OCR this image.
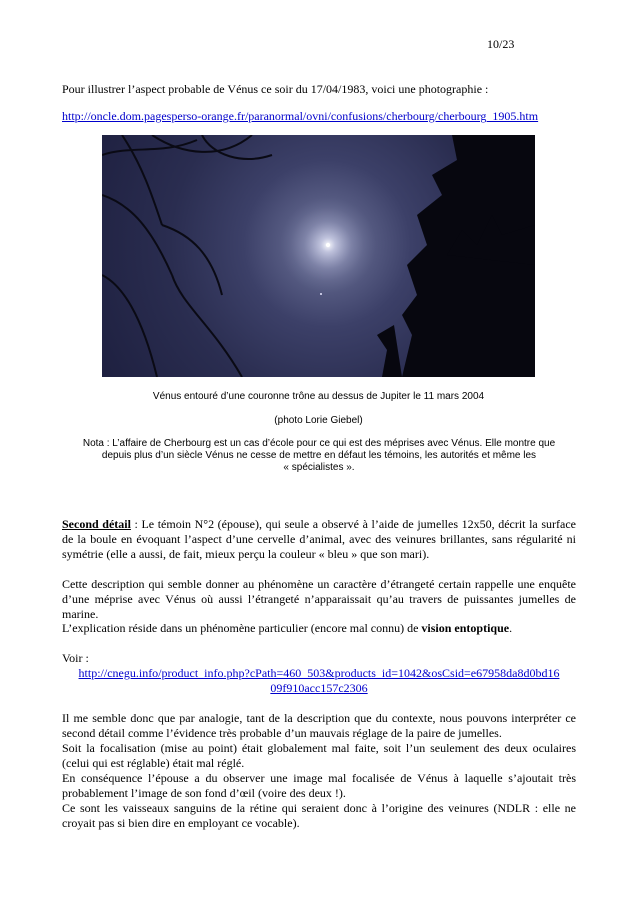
10/23
Pour illustrer l’aspect probable de Vénus ce soir du 17/04/1983, voici une photographie :
http://oncle.dom.pagesperso-orange.fr/paranormal/ovni/confusions/cherbourg/cherbourg_1905.htm
Vénus entouré d’une couronne trône au dessus de Jupiter le 11 mars 2004
(photo Lorie Giebel)
Nota : L’affaire de Cherbourg est un cas d’école pour ce qui est des méprises avec Vénus. Elle montre que
depuis plus d’un siècle Vénus ne cesse de mettre en défaut les témoins, les autorités et même les
« spécialistes ».
Second détail : Le témoin N°2 (épouse), qui seule a observé à l’aide de jumelles 12x50, décrit la surface de la boule en évoquant l’aspect d’une cervelle d’animal, avec des veinures brillantes, sans régularité ni symétrie (elle a aussi, de fait, mieux perçu la couleur « bleu » que son mari).
Cette description qui semble donner au phénomène un caractère d’étrangeté certain rappelle une enquête d’une méprise avec Vénus où aussi l’étrangeté n’apparaissait qu’au travers de puissantes jumelles de marine.
L’explication réside dans un phénomène particulier (encore mal connu) de vision entoptique.
Voir :
http://cnegu.info/product_info.php?cPath=460_503&products_id=1042&osCsid=e67958da8d0bd16
09f910acc157c2306
Il me semble donc que par analogie, tant de la description que du contexte, nous pouvons interpréter ce second détail comme l’évidence très probable d’un mauvais réglage de la paire de jumelles.
Soit la focalisation (mise au point) était globalement mal faite, soit l’un seulement des deux oculaires (celui qui est réglable) était mal réglé.
En conséquence l’épouse a du observer une image mal focalisée de Vénus à laquelle s’ajoutait très probablement l’image de son fond d’œil (voire des deux !).
Ce sont les vaisseaux sanguins de la rétine qui seraient donc à l’origine des veinures (NDLR : elle ne croyait pas si bien dire en employant ce vocable).
